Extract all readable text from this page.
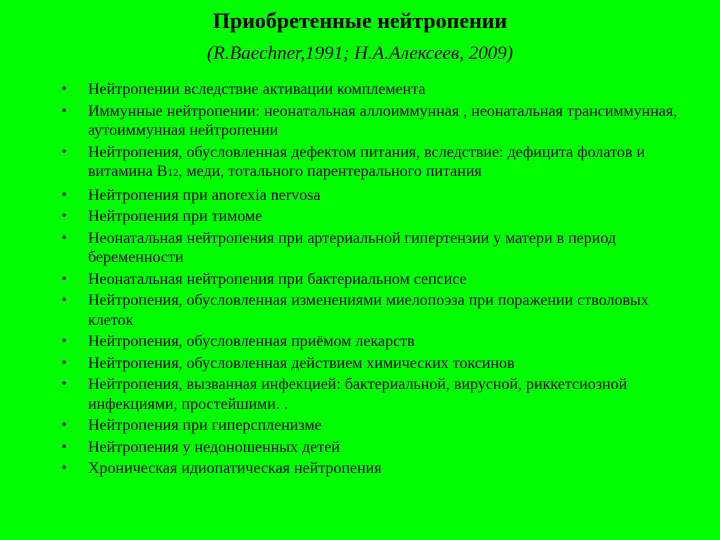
Приобретенные нейтропении
(R.Baechner,1991; Н.А.Алексеев, 2009)
• Нейтропении вследствие активации комплемента
• Иммунные нейтропении: неонатальная аллоиммунная , неонатальная трансиммунная, аутоиммунная нейтропении
• Нейтропения, обусловленная дефектом питания, вследствие: дефицита фолатов и витамина В12, меди, тотального парентерального питания
• Нейтропения при anorexia nervosa
• Нейтропения при тимоме
• Неонатальная нейтропения при артериальной гипертензии у матери в период беременности
• Неонатальная нейтропения при бактериальном сепсисе
• Нейтропения, обусловленная изменениями миелопоэза при поражении стволовых клеток
• Нейтропения, обусловленная приёмом лекарств
• Нейтропения, обусловленная действием химических токсинов
• Нейтропения, вызванная инфекцией: бактериальной, вирусной, риккетсиозной инфекциями, простейшими. .
• Нейтропения при гиперспленизме
• Нейтропения у недоношенных детей
• Хроническая идиопатическая нейтропения
